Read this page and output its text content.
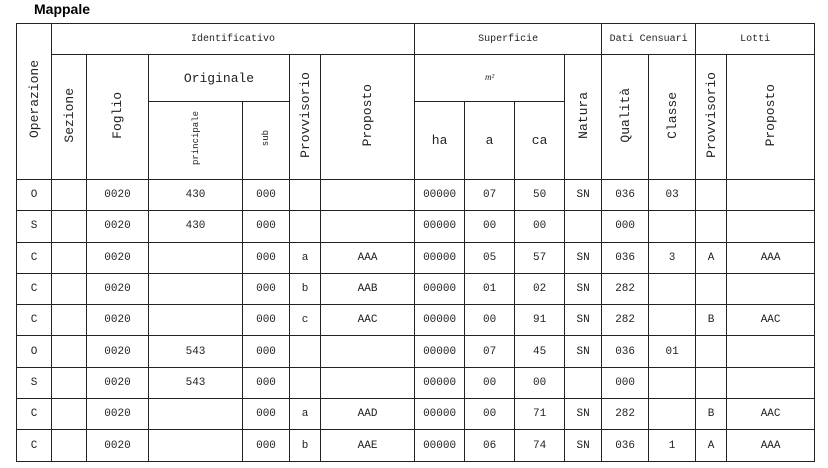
Mappale
Operazione	Identificativo						Superficie				Dati Censuari		Lotti	
	Sezione	Foglio	Originale		Provvisorio	Proposto	m²			Natura	Qualità	Classe	Provvisorio	Proposto
			principale	sub			ha	a	ca					
O		0020	430	000			00000	07	50	SN	036	03		
S		0020	430	000			00000	00	00		000			
C		0020		000	a	AAA	00000	05	57	SN	036	3	A	AAA
C		0020		000	b	AAB	00000	01	02	SN	282			
C		0020		000	c	AAC	00000	00	91	SN	282		B	AAC
O		0020	543	000			00000	07	45	SN	036	01		
S		0020	543	000			00000	00	00		000			
C		0020		000	a	AAD	00000	00	71	SN	282		B	AAC
C		0020		000	b	AAE	00000	06	74	SN	036	1	A	AAA
